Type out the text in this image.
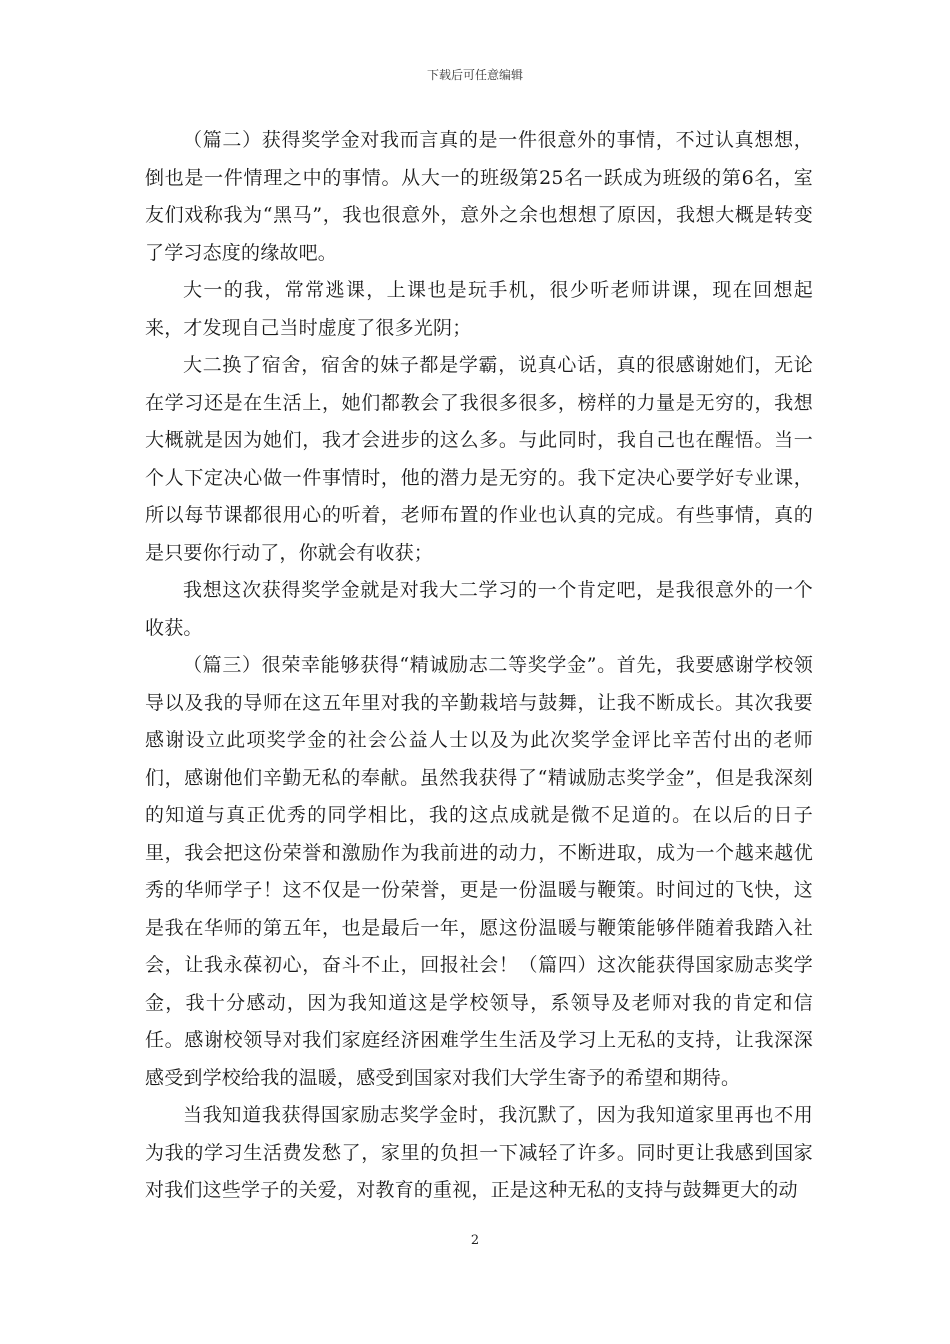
下载后可任意编辑

（篇二）获得奖学金对我而言真的是一件很意外的事情，不过认真想想，倒也是一件情理之中的事情。从大一的班级第25名一跃成为班级的第6名，室友们戏称我为“黑马”，我也很意外，意外之余也想想了原因，我想大概是转变了学习态度的缘故吧。

大一的我，常常逃课，上课也是玩手机，很少听老师讲课，现在回想起来，才发现自己当时虚度了很多光阴；

大二换了宿舍，宿舍的妹子都是学霸，说真心话，真的很感谢她们，无论在学习还是在生活上，她们都教会了我很多很多，榜样的力量是无穷的，我想大概就是因为她们，我才会进步的这么多。与此同时，我自己也在醒悟。当一个人下定决心做一件事情时，他的潜力是无穷的。我下定决心要学好专业课，所以每节课都很用心的听着，老师布置的作业也认真的完成。有些事情，真的是只要你行动了，你就会有收获；

我想这次获得奖学金就是对我大二学习的一个肯定吧，是我很意外的一个收获。

（篇三）很荣幸能够获得“精诚励志二等奖学金”。首先，我要感谢学校领导以及我的导师在这五年里对我的辛勤栽培与鼓舞，让我不断成长。其次我要感谢设立此项奖学金的社会公益人士以及为此次奖学金评比辛苦付出的老师们，感谢他们辛勤无私的奉献。虽然我获得了“精诚励志奖学金”，但是我深刻的知道与真正优秀的同学相比，我的这点成就是微不足道的。在以后的日子里，我会把这份荣誉和激励作为我前进的动力，不断进取，成为一个越来越优秀的华师学子！这不仅是一份荣誉，更是一份温暖与鞭策。时间过的飞快，这是我在华师的第五年，也是最后一年，愿这份温暖与鞭策能够伴随着我踏入社会，让我永葆初心，奋斗不止，回报社会！（篇四）这次能获得国家励志奖学金，我十分感动，因为我知道这是学校领导，系领导及老师对我的肯定和信任。感谢校领导对我们家庭经济困难学生生活及学习上无私的支持，让我深深感受到学校给我的温暖，感受到国家对我们大学生寄予的希望和期待。

当我知道我获得国家励志奖学金时，我沉默了，因为我知道家里再也不用为我的学习生活费发愁了，家里的负担一下减轻了许多。同时更让我感到国家对我们这些学子的关爱，对教育的重视，正是这种无私的支持与鼓舞更大的动

2
